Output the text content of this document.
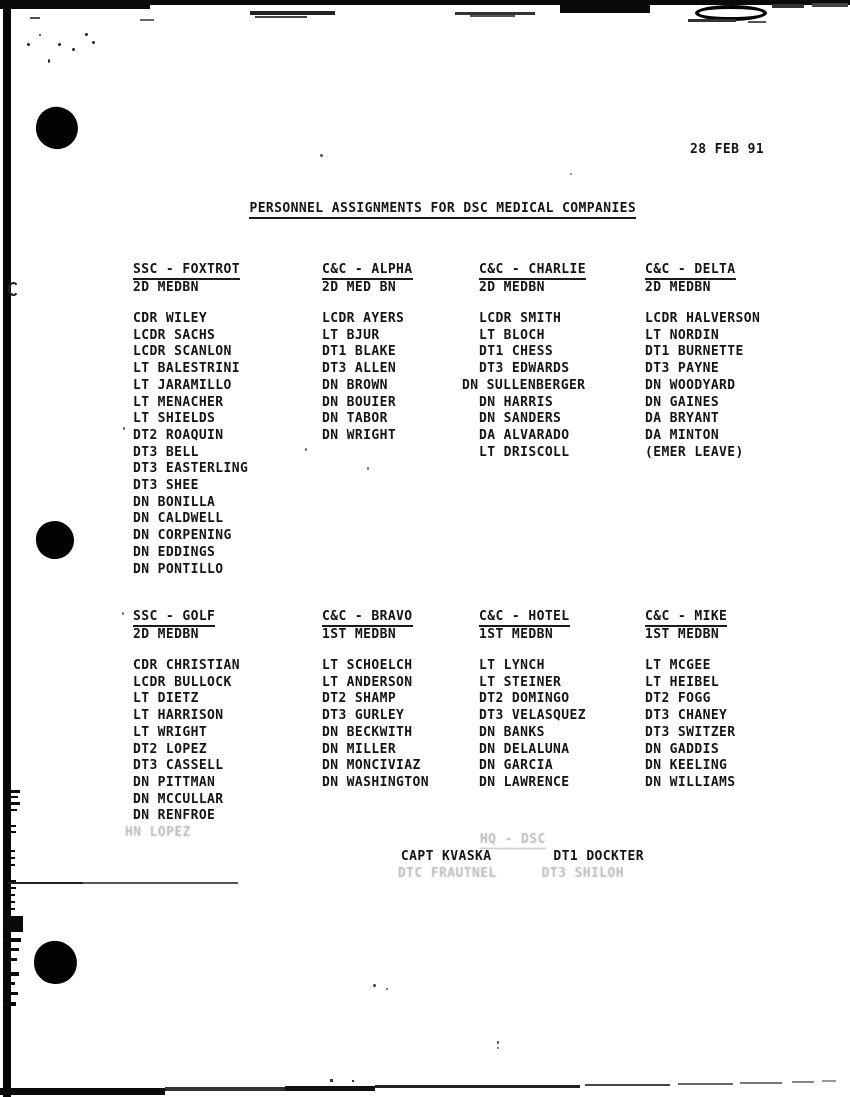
28 FEB 91

PERSONNEL ASSIGNMENTS FOR DSC MEDICAL COMPANIES

SSC - FOXTROT
2D MEDBN
CDR WILEY
LCDR SACHS
LCDR SCANLON
LT BALESTRINI
LT JARAMILLO
LT MENACHER
LT SHIELDS
DT2 ROAQUIN
DT3 BELL
DT3 EASTERLING
DT3 SHEE
DN BONILLA
DN CALDWELL
DN CORPENING
DN EDDINGS
DN PONTILLO
C&C - ALPHA
2D MED BN
LCDR AYERS
LT BJUR
DT1 BLAKE
DT3 ALLEN
DN BROWN
DN BOUIER
DN TABOR
DN WRIGHT
C&C - CHARLIE
2D MEDBN
LCDR SMITH
LT BLOCH
DT1 CHESS
DT3 EDWARDS
DN SULLENBERGER
DN HARRIS
DN SANDERS
DA ALVARADO
LT DRISCOLL
C&C - DELTA
2D MEDBN
LCDR HALVERSON
LT NORDIN
DT1 BURNETTE
DT3 PAYNE
DN WOODYARD
DN GAINES
DA BRYANT
DA MINTON
(EMER LEAVE)
SSC - GOLF
2D MEDBN
CDR CHRISTIAN
LCDR BULLOCK
LT DIETZ
LT HARRISON
LT WRIGHT
DT2 LOPEZ
DT3 CASSELL
DN PITTMAN
DN MCCULLAR
DN RENFROE
HN LOPEZ
C&C - BRAVO
1ST MEDBN
LT SCHOELCH
LT ANDERSON
DT2 SHAMP
DT3 GURLEY
DN BECKWITH
DN MILLER
DN MONCIVIAZ
DN WASHINGTON
C&C - HOTEL
1ST MEDBN
LT LYNCH
LT STEINER
DT2 DOMINGO
DT3 VELASQUEZ
DN BANKS
DN DELALUNA
DN GARCIA
DN LAWRENCE
C&C - MIKE
1ST MEDBN
LT MCGEE
LT HEIBEL
DT2 FOGG
DT3 CHANEY
DT3 SWITZER
DN GADDIS
DN KEELING
DN WILLIAMS

HQ - DSC

CAPT KVASKA	DT1 DOCKTER

DTC FRAUTNEL	DT3 SHILOH
